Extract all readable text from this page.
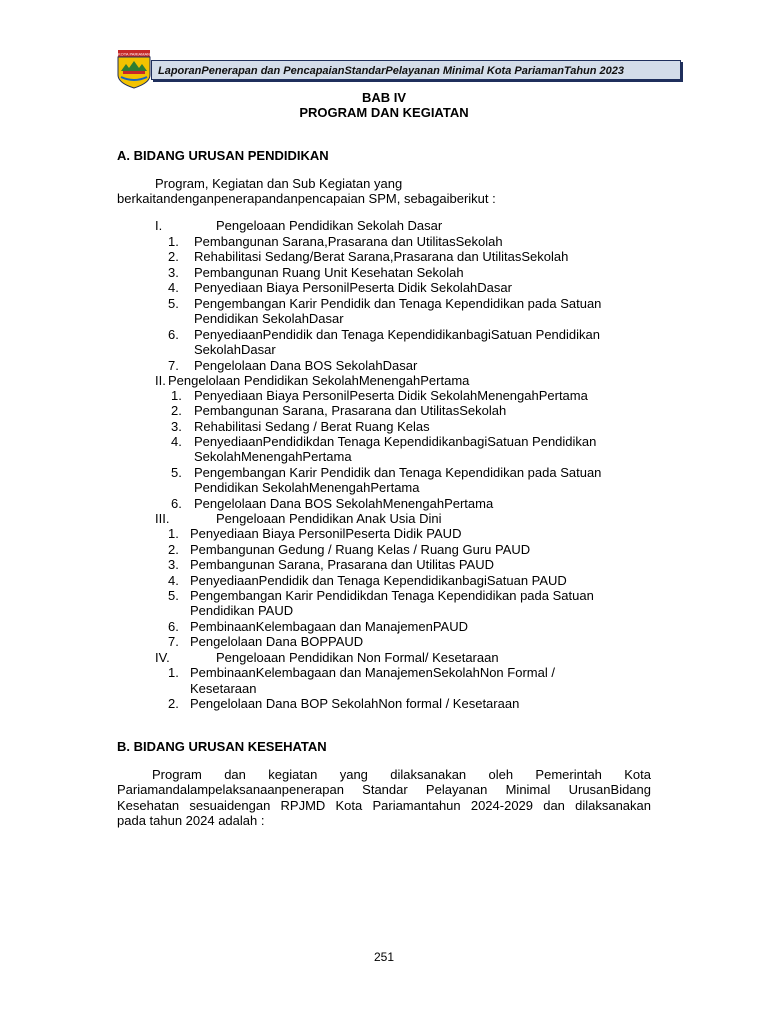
KOTA PARIAMAN
LaporanPenerapan dan PencapaianStandarPelayanan Minimal Kota PariamanTahun 2023
BAB IV
PROGRAM DAN KEGIATAN
A. BIDANG URUSAN PENDIDIKAN
Program, Kegiatan dan Sub Kegiatan yang
berkaitandenganpenerapandanpencapaian SPM, sebagaiberikut :
I.	Pengeloaan Pendidikan Sekolah Dasar
1. Pembangunan Sarana,Prasarana dan UtilitasSekolah
2. Rehabilitasi Sedang/Berat Sarana,Prasarana dan UtilitasSekolah
3. Pembangunan Ruang Unit Kesehatan Sekolah
4. Penyediaan Biaya PersonilPeserta Didik SekolahDasar
5. Pengembangan Karir Pendidik dan Tenaga Kependidikan pada Satuan
Pendidikan SekolahDasar
6. PenyediaanPendidik dan Tenaga KependidikanbagiSatuan Pendidikan
SekolahDasar
7. Pengelolaan Dana BOS SekolahDasar
II. Pengelolaan Pendidikan SekolahMenengahPertama
1. Penyediaan Biaya PersonilPeserta Didik SekolahMenengahPertama
2. Pembangunan Sarana, Prasarana dan UtilitasSekolah
3. Rehabilitasi Sedang / Berat Ruang Kelas
4. PenyediaanPendidikdan Tenaga KependidikanbagiSatuan Pendidikan
SekolahMenengahPertama
5. Pengembangan Karir Pendidik dan Tenaga Kependidikan pada Satuan
Pendidikan SekolahMenengahPertama
6. Pengelolaan Dana BOS SekolahMenengahPertama
III.	Pengeloaan Pendidikan Anak Usia Dini
1. Penyediaan Biaya PersonilPeserta Didik PAUD
2. Pembangunan Gedung / Ruang Kelas / Ruang Guru PAUD
3. Pembangunan Sarana, Prasarana dan Utilitas PAUD
4. PenyediaanPendidik dan Tenaga KependidikanbagiSatuan PAUD
5. Pengembangan Karir Pendidikdan Tenaga Kependidikan pada Satuan
Pendidikan PAUD
6. PembinaanKelembagaan dan ManajemenPAUD
7. Pengelolaan Dana BOPPAUD
IV.	Pengeloaan Pendidikan Non Formal/ Kesetaraan
1. PembinaanKelembagaan dan ManajemenSekolahNon Formal /
Kesetaraan
2. Pengelolaan Dana BOP SekolahNon formal / Kesetaraan
B. BIDANG URUSAN KESEHATAN
Program dan kegiatan yang dilaksanakan oleh Pemerintah Kota
Pariamandalampelaksanaanpenerapan Standar Pelayanan Minimal UrusanBidang
Kesehatan sesuaidengan RPJMD Kota Pariamantahun 2024-2029 dan dilaksanakan
pada tahun 2024 adalah :
251
